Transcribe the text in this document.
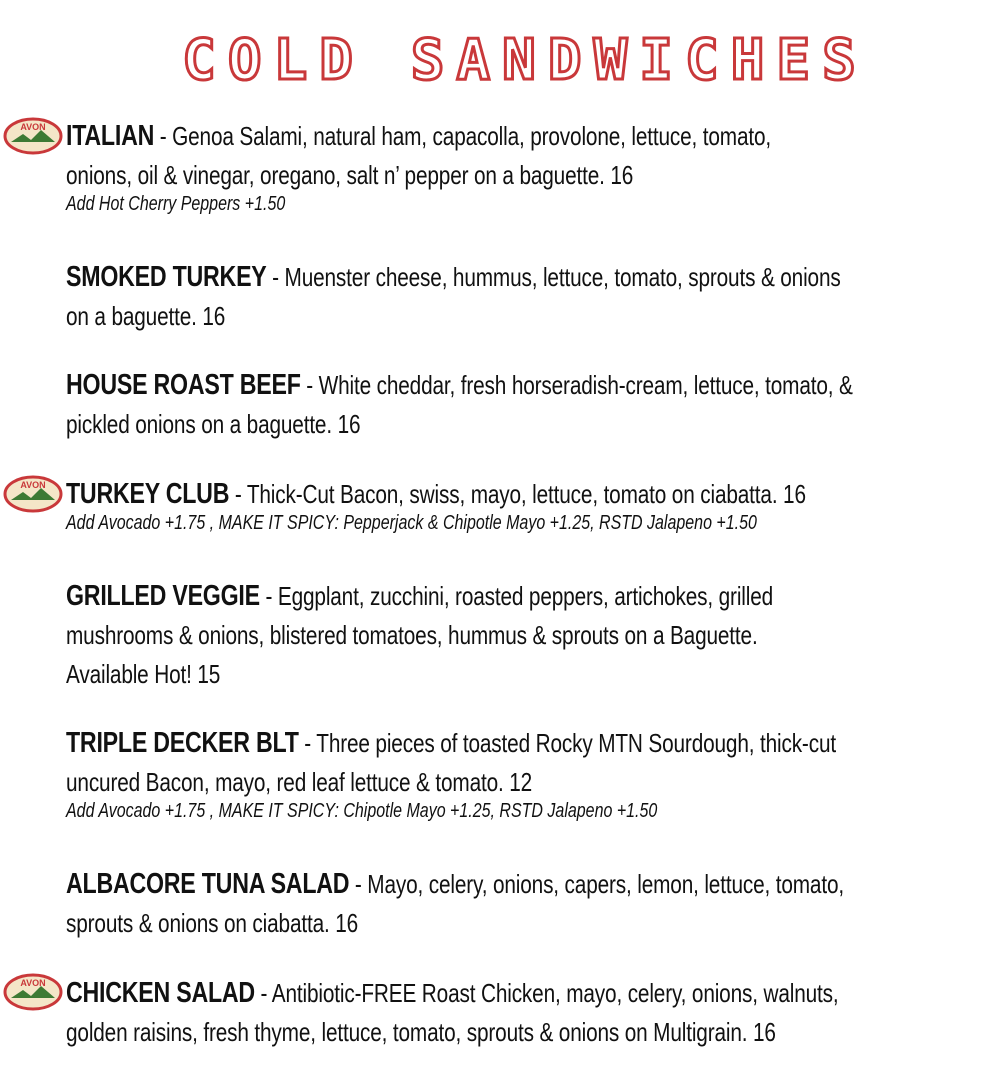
COLD SANDWICHES
AVON
AVON
AVON
ITALIAN - Genoa Salami, natural ham, capacolla, provolone, lettuce, tomato,
onions, oil & vinegar, oregano, salt n’ pepper on a baguette. 16
Add Hot Cherry Peppers +1.50
SMOKED TURKEY - Muenster cheese, hummus, lettuce, tomato, sprouts & onions
on a baguette. 16
HOUSE ROAST BEEF - White cheddar, fresh horseradish-cream, lettuce, tomato, &
pickled onions on a baguette. 16
TURKEY CLUB - Thick-Cut Bacon, swiss, mayo, lettuce, tomato on ciabatta. 16
Add Avocado +1.75 , MAKE IT SPICY: Pepperjack & Chipotle Mayo +1.25, RSTD Jalapeno +1.50
GRILLED VEGGIE - Eggplant, zucchini, roasted peppers, artichokes, grilled
mushrooms & onions, blistered tomatoes, hummus & sprouts on a Baguette.
Available Hot! 15
TRIPLE DECKER BLT - Three pieces of toasted Rocky MTN Sourdough, thick-cut
uncured Bacon, mayo, red leaf lettuce & tomato. 12
Add Avocado +1.75 , MAKE IT SPICY: Chipotle Mayo +1.25, RSTD Jalapeno +1.50
ALBACORE TUNA SALAD - Mayo, celery, onions, capers, lemon, lettuce, tomato,
sprouts & onions on ciabatta. 16
CHICKEN SALAD - Antibiotic-FREE Roast Chicken, mayo, celery, onions, walnuts,
golden raisins, fresh thyme, lettuce, tomato, sprouts & onions on Multigrain. 16
